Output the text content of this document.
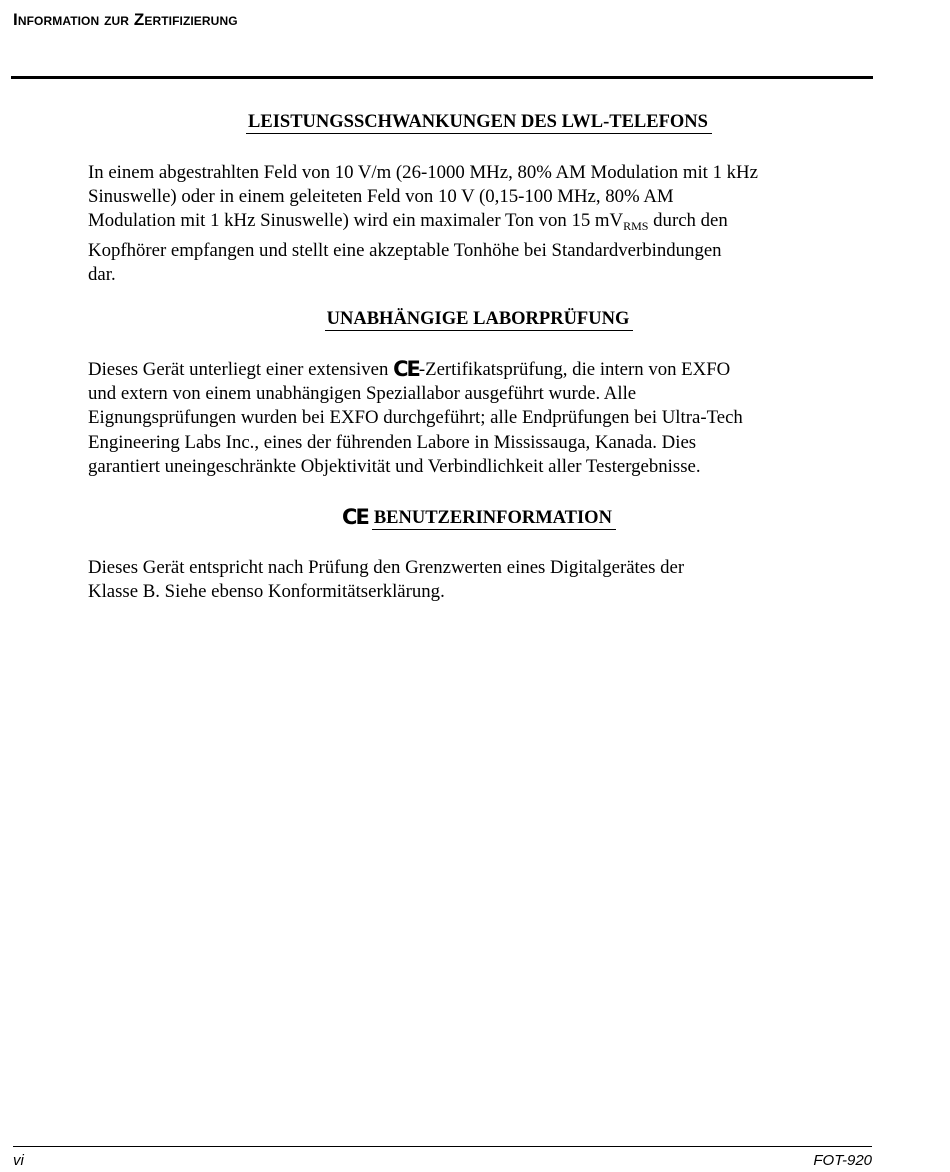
Information zur Zertifizierung
LEISTUNGSSCHWANKUNGEN DES LWL-TELEFONS
In einem abgestrahlten Feld von 10 V/m (26-1000 MHz, 80% AM Modulation mit 1 kHz
Sinuswelle) oder in einem geleiteten Feld von 10 V (0,15-100 MHz, 80% AM
Modulation mit 1 kHz Sinuswelle) wird ein maximaler Ton von 15 $mV_{RMS}$ durch den
Kopfhörer empfangen und stellt eine akzeptable Tonhöhe bei Standardverbindungen
dar.
UNABHÄNGIGE LABORPRÜFUNG
Dieses Gerät unterliegt einer extensiven CE-Zertifikatsprüfung, die intern von EXFO
und extern von einem unabhängigen Speziallabor ausgeführt wurde. Alle
Eignungsprüfungen wurden bei EXFO durchgeführt; alle Endprüfungen bei Ultra-Tech
Engineering Labs Inc., eines der führenden Labore in Mississauga, Kanada. Dies
garantiert uneingeschränkte Objektivität und Verbindlichkeit aller Testergebnisse.
CE BENUTZERINFORMATION
Dieses Gerät entspricht nach Prüfung den Grenzwerten eines Digitalgerätes der
Klasse B. Siehe ebenso Konformitätserklärung.
vi	FOT-920
